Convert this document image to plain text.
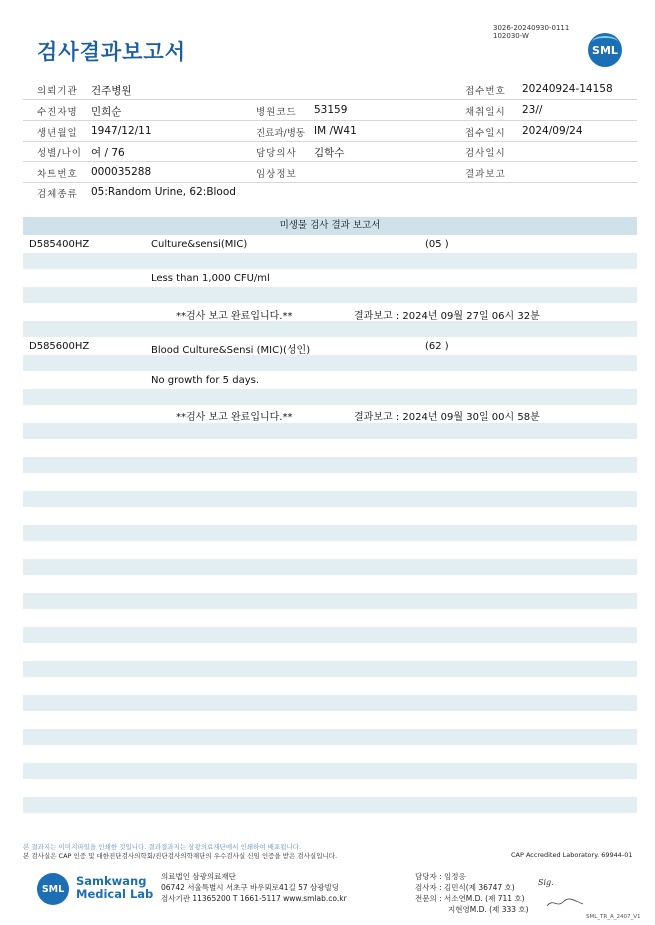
검사결과보고서
3026-20240930-0111
102030-W
SML
의뢰기관 건주병원	접수번호 20240924-14158
수진자명 민희순	병원코드 53159	채취일시 23//
생년월일 1947/12/11	진료과/병동 IM /W41	접수일시 2024/09/24
성별/나이 여 / 76	담당의사 김학수	검사일시
차트번호 000035288	임상정보	결과보고
검체종류 05:Random Urine, 62:Blood
미생물 검사 결과 보고서
D585400HZ	Culture&sensi(MIC)	(05 )
Less than 1,000 CFU/ml
**검사 보고 완료입니다.**	결과보고 : 2024년 09월 27일 06시 32분
D585600HZ	Blood Culture&Sensi (MIC)(성인)	(62 )
No growth for 5 days.
**검사 보고 완료입니다.**	결과보고 : 2024년 09월 30일 00시 58분
본 결과지는 이미지파일을 인쇄한 것입니다. 결과결과지는 삼광의료재단에서 인쇄하여 배포됩니다.
본 검사실은 CAP 인증 및 대한진단검사의학회/진단검사의학재단의 우수검사실 신임 인증을 받은 검사실입니다.	CAP Accredited Laboratory. 69944-01
SML
Samkwang
Medical Lab
의료법인 삼광의료재단
06742 서울특별시 서초구 바우뫼로41길 57 삼광빌딩
검사기관 11365200 T 1661-5117 www.smlab.co.kr
담당자 : 임정응
검사자 : 김민식(제 36747 호)
전문의 : 서소연M.D. (제 711 호)
지현영M.D. (제 333 호)
Sig.
SML_TR_A_2407_V1
